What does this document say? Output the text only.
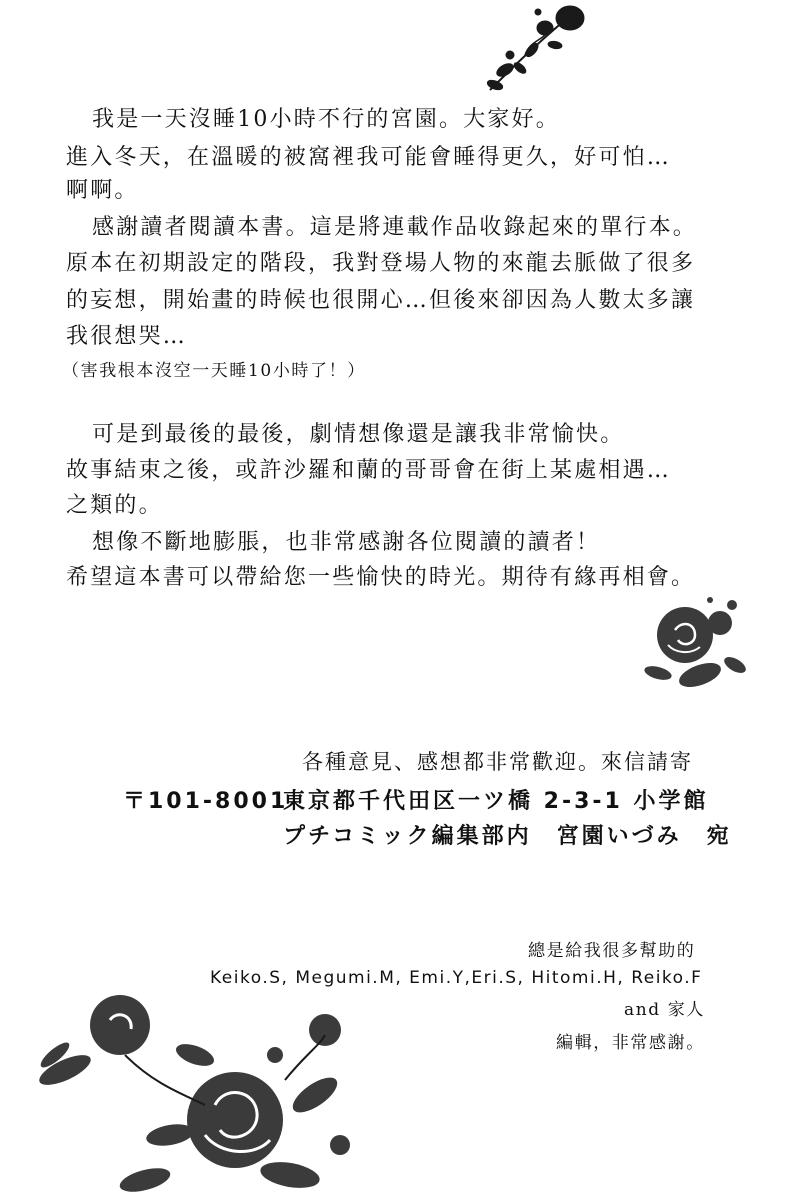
我是一天沒睡10小時不行的宮園。大家好。
進入冬天，在溫暖的被窩裡我可能會睡得更久，好可怕…
啊啊。
感謝讀者閱讀本書。這是將連載作品收錄起來的單行本。
原本在初期設定的階段，我對登場人物的來龍去脈做了很多
的妄想，開始畫的時候也很開心…但後來卻因為人數太多讓
我很想哭…
（害我根本沒空一天睡10小時了！）
可是到最後的最後，劇情想像還是讓我非常愉快。
故事結束之後，或許沙羅和蘭的哥哥會在街上某處相遇…
之類的。
想像不斷地膨脹，也非常感謝各位閱讀的讀者！
希望這本書可以帶給您一些愉快的時光。期待有緣再相會。
各種意見、感想都非常歡迎。來信請寄
〒101-8001
東京都千代田区一ツ橋 2-3-1 小学館
プチコミック編集部内　宮園いづみ　宛
總是給我很多幫助的
Keiko.S, Megumi.M, Emi.Y,Eri.S, Hitomi.H, Reiko.F
and 家人
編輯，非常感謝。
